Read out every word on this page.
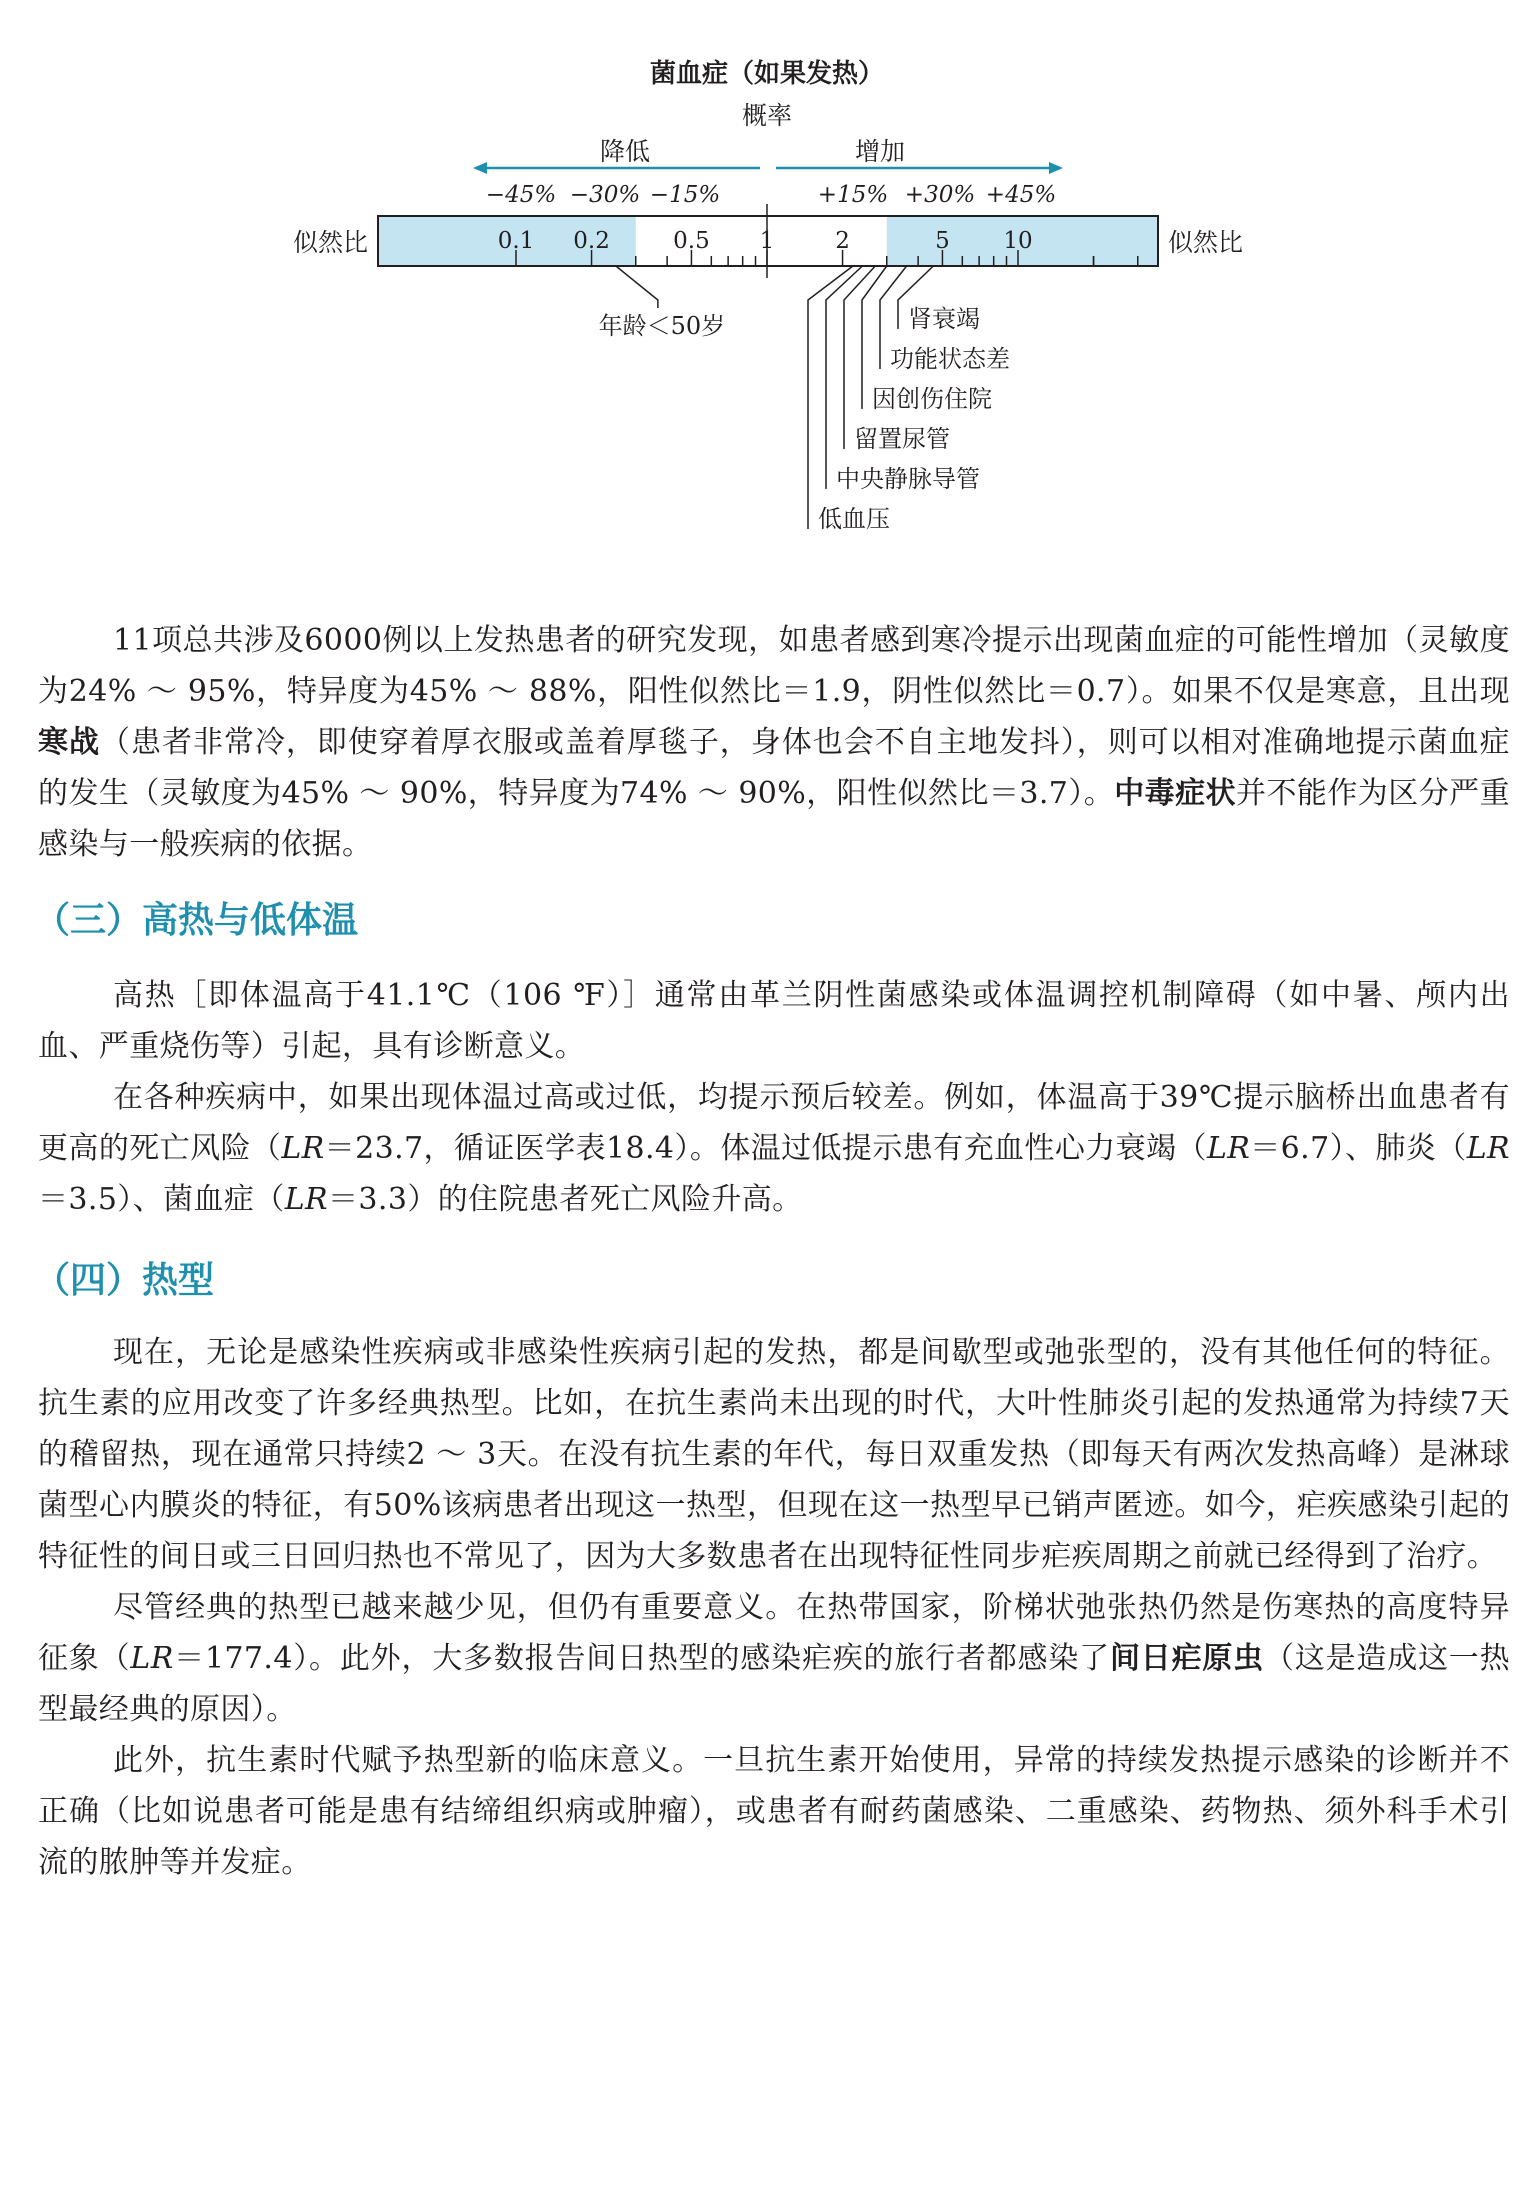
菌血症（如果发热）
概率
降低	增加
−45% −30% −15%	+15% +30% +45%
0.1 0.2	0.5 1	2	5 10
似然比	似然比
年龄＜50岁	肾衰竭
功能状态差
因创伤住院
留置尿管
中央静脉导管
低血压

11项总共涉及6000例以上发热患者的研究发现，如患者感到寒冷提示出现菌血症的可能性增加（灵敏度为24% ～ 95%，特异度为45% ～ 88%，阳性似然比＝1.9，阴性似然比＝0.7）。如果不仅是寒意，且出现寒战（患者非常冷，即使穿着厚衣服或盖着厚毯子，身体也会不自主地发抖），则可以相对准确地提示菌血症的发生（灵敏度为45% ～ 90%，特异度为74% ～ 90%，阳性似然比＝3.7）。中毒症状并不能作为区分严重感染与一般疾病的依据。

（三）高热与低体温

高热［即体温高于41.1℃（106 ℉）］通常由革兰阴性菌感染或体温调控机制障碍（如中暑、颅内出血、严重烧伤等）引起，具有诊断意义。

在各种疾病中，如果出现体温过高或过低，均提示预后较差。例如，体温高于39℃提示脑桥出血患者有更高的死亡风险（LR＝23.7，循证医学表18.4）。体温过低提示患有充血性心力衰竭（LR＝6.7）、肺炎（LR＝3.5）、菌血症（LR＝3.3）的住院患者死亡风险升高。

（四）热型

现在，无论是感染性疾病或非感染性疾病引起的发热，都是间歇型或弛张型的，没有其他任何的特征。抗生素的应用改变了许多经典热型。比如，在抗生素尚未出现的时代，大叶性肺炎引起的发热通常为持续7天的稽留热，现在通常只持续2 ～ 3天。在没有抗生素的年代，每日双重发热（即每天有两次发热高峰）是淋球菌型心内膜炎的特征，有50%该病患者出现这一热型，但现在这一热型早已销声匿迹。如今，疟疾感染引起的特征性的间日或三日回归热也不常见了，因为大多数患者在出现特征性同步疟疾周期之前就已经得到了治疗。

尽管经典的热型已越来越少见，但仍有重要意义。在热带国家，阶梯状弛张热仍然是伤寒热的高度特异征象（LR＝177.4）。此外，大多数报告间日热型的感染疟疾的旅行者都感染了间日疟原虫（这是造成这一热型最经典的原因）。

此外，抗生素时代赋予热型新的临床意义。一旦抗生素开始使用，异常的持续发热提示感染的诊断并不正确（比如说患者可能是患有结缔组织病或肿瘤），或患者有耐药菌感染、二重感染、药物热、须外科手术引流的脓肿等并发症。
